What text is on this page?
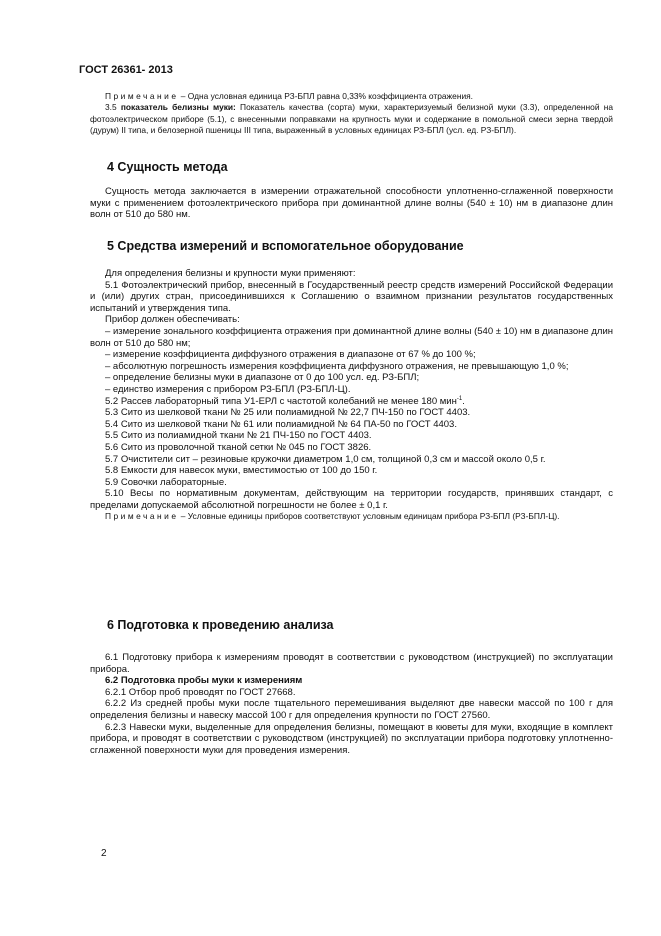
ГОСТ 26361- 2013

Примечание – Одна условная единица РЗ-БПЛ равна 0,33% коэффициента отражения.

3.5 показатель белизны муки: Показатель качества (сорта) муки, характеризуемый белизной муки (3.3), определенной на фотоэлектрическом приборе (5.1), с внесенными поправками на крупность муки и содержание в помольной смеси зерна твердой (дурум) II типа, и белозерной пшеницы III типа, выраженный в условных единицах РЗ-БПЛ (усл. ед. РЗ-БПЛ).

4 Сущность метода

Сущность метода заключается в измерении отражательной способности уплотненно-сглаженной поверхности муки с применением фотоэлектрического прибора при доминантной длине волны (540 ± 10) нм в диапазоне длин волн от 510 до 580 нм.

5 Средства измерений и вспомогательное оборудование

Для определения белизны и крупности муки применяют:

5.1 Фотоэлектрический прибор, внесенный в Государственный реестр средств измерений Российской Федерации и (или) других стран, присоединившихся к Соглашению о взаимном признании результатов государственных испытаний и утверждения типа.

Прибор должен обеспечивать:

– измерение зонального коэффициента отражения при доминантной длине волны (540 ± 10) нм в диапазоне длин волн от 510 до 580 нм;

– измерение коэффициента диффузного отражения в диапазоне от 67 % до 100 %;

– абсолютную погрешность измерения коэффициента диффузного отражения, не превышающую 1,0 %;

– определение белизны муки в диапазоне от 0 до 100 усл. ед. РЗ-БПЛ;

– единство измерения с прибором РЗ-БПЛ (РЗ-БПЛ-Ц).

5.2 Рассев лабораторный типа У1-ЕРЛ с частотой колебаний не менее 180 мин$^{-1}$.

5.3 Сито из шелковой ткани № 25 или полиамидной № 22,7 ПЧ-150 по ГОСТ 4403.

5.4 Сито из шелковой ткани № 61 или полиамидной № 64 ПА-50 по ГОСТ 4403.

5.5 Сито из полиамидной ткани № 21 ПЧ-150 по ГОСТ 4403.

5.6 Сито из проволочной тканой сетки № 045 по ГОСТ 3826.

5.7 Очистители сит – резиновые кружочки диаметром 1,0 см, толщиной 0,3 см и массой около 0,5 г.

5.8 Емкости для навесок муки, вместимостью от 100 до 150 г.

5.9 Совочки лабораторные.

5.10 Весы по нормативным документам, действующим на территории государств, принявших стандарт, с пределами допускаемой абсолютной погрешности не более ± 0,1 г.

Примечание – Условные единицы приборов соответствуют условным единицам прибора РЗ-БПЛ (РЗ-БПЛ-Ц).

6 Подготовка к проведению анализа

6.1 Подготовку прибора к измерениям проводят в соответствии с руководством (инструкцией) по эксплуатации прибора.

6.2 Подготовка пробы муки к измерениям

6.2.1 Отбор проб проводят по ГОСТ 27668.

6.2.2 Из средней пробы муки после тщательного перемешивания выделяют две навески массой по 100 г для определения белизны и навеску массой 100 г для определения крупности по ГОСТ 27560.

6.2.3 Навески муки, выделенные для определения белизны, помещают в кюветы для муки, входящие в комплект прибора, и проводят в соответствии с руководством (инструкцией) по эксплуатации прибора подготовку уплотненно-сглаженной поверхности муки для проведения измерения.

2
